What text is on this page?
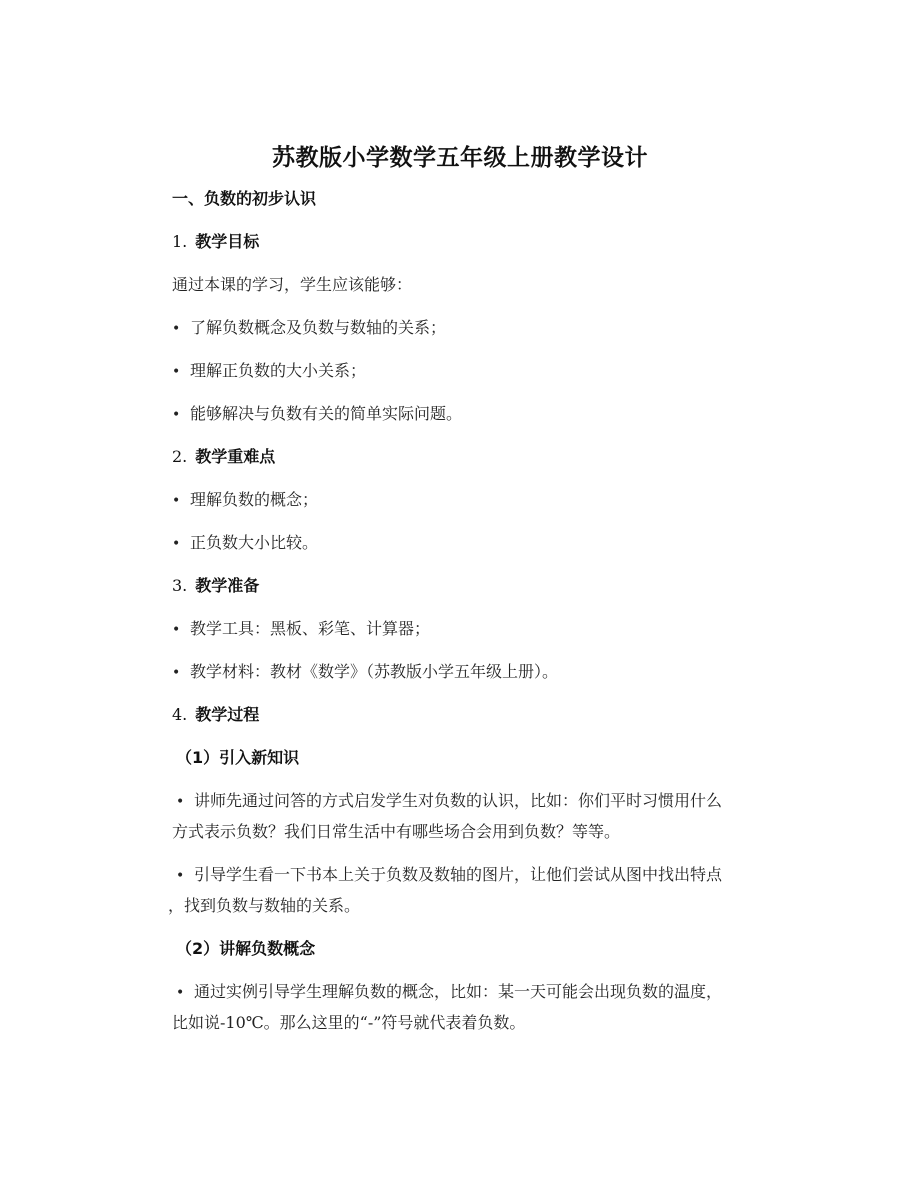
苏教版小学数学五年级上册教学设计
一、负数的初步认识
1. 教学目标
通过本课的学习，学生应该能够：
• 了解负数概念及负数与数轴的关系；
• 理解正负数的大小关系；
• 能够解决与负数有关的简单实际问题。
2. 教学重难点
• 理解负数的概念；
• 正负数大小比较。
3. 教学准备
• 教学工具：黑板、彩笔、计算器；
• 教学材料：教材《数学》（苏教版小学五年级上册）。
4. 教学过程
（1）引入新知识
• 讲师先通过问答的方式启发学生对负数的认识，比如：你们平时习惯用什么
方式表示负数？我们日常生活中有哪些场合会用到负数？等等。
• 引导学生看一下书本上关于负数及数轴的图片，让他们尝试从图中找出特点
，找到负数与数轴的关系。
（2）讲解负数概念
• 通过实例引导学生理解负数的概念，比如：某一天可能会出现负数的温度，
比如说-10℃。那么这里的“-”符号就代表着负数。
